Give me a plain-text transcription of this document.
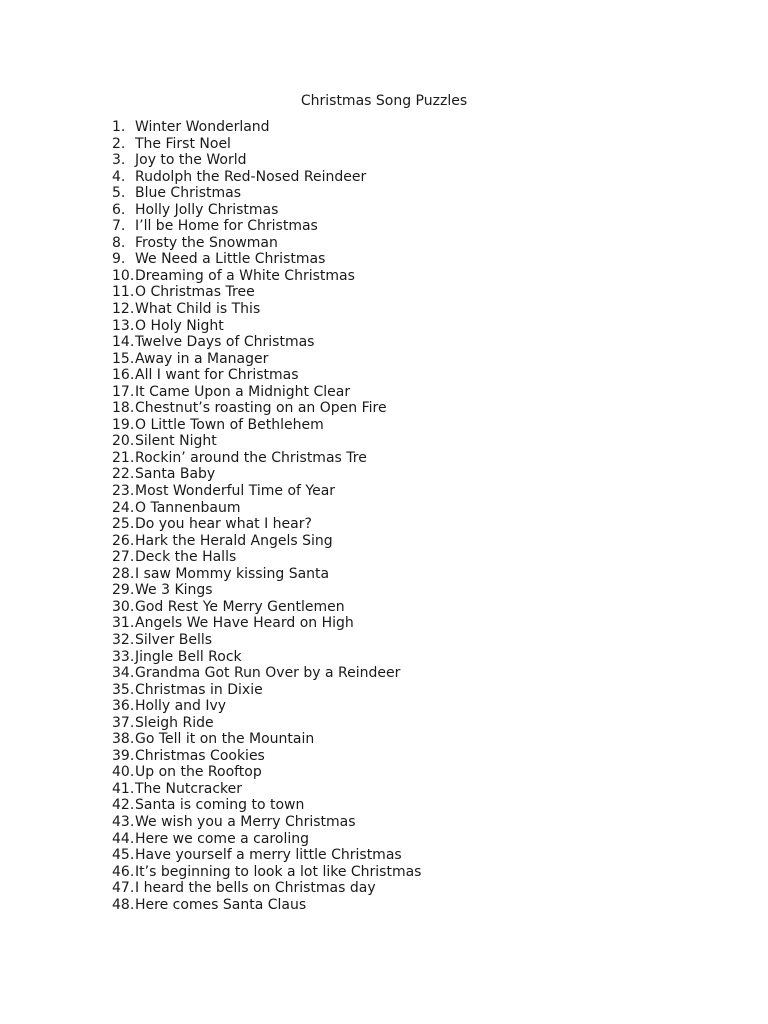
Christmas Song Puzzles
1. Winter Wonderland
2. The First Noel
3. Joy to the World
4. Rudolph the Red-Nosed Reindeer
5. Blue Christmas
6. Holly Jolly Christmas
7. I’ll be Home for Christmas
8. Frosty the Snowman
9. We Need a Little Christmas
10. Dreaming of a White Christmas
11. O Christmas Tree
12. What Child is This
13. O Holy Night
14. Twelve Days of Christmas
15. Away in a Manager
16. All I want for Christmas
17. It Came Upon a Midnight Clear
18. Chestnut’s roasting on an Open Fire
19. O Little Town of Bethlehem
20. Silent Night
21. Rockin’ around the Christmas Tre
22. Santa Baby
23. Most Wonderful Time of Year
24. O Tannenbaum
25. Do you hear what I hear?
26. Hark the Herald Angels Sing
27. Deck the Halls
28. I saw Mommy kissing Santa
29. We 3 Kings
30. God Rest Ye Merry Gentlemen
31. Angels We Have Heard on High
32. Silver Bells
33. Jingle Bell Rock
34. Grandma Got Run Over by a Reindeer
35. Christmas in Dixie
36. Holly and Ivy
37. Sleigh Ride
38. Go Tell it on the Mountain
39. Christmas Cookies
40. Up on the Rooftop
41. The Nutcracker
42. Santa is coming to town
43. We wish you a Merry Christmas
44. Here we come a caroling
45. Have yourself a merry little Christmas
46. It’s beginning to look a lot like Christmas
47. I heard the bells on Christmas day
48. Here comes Santa Claus
